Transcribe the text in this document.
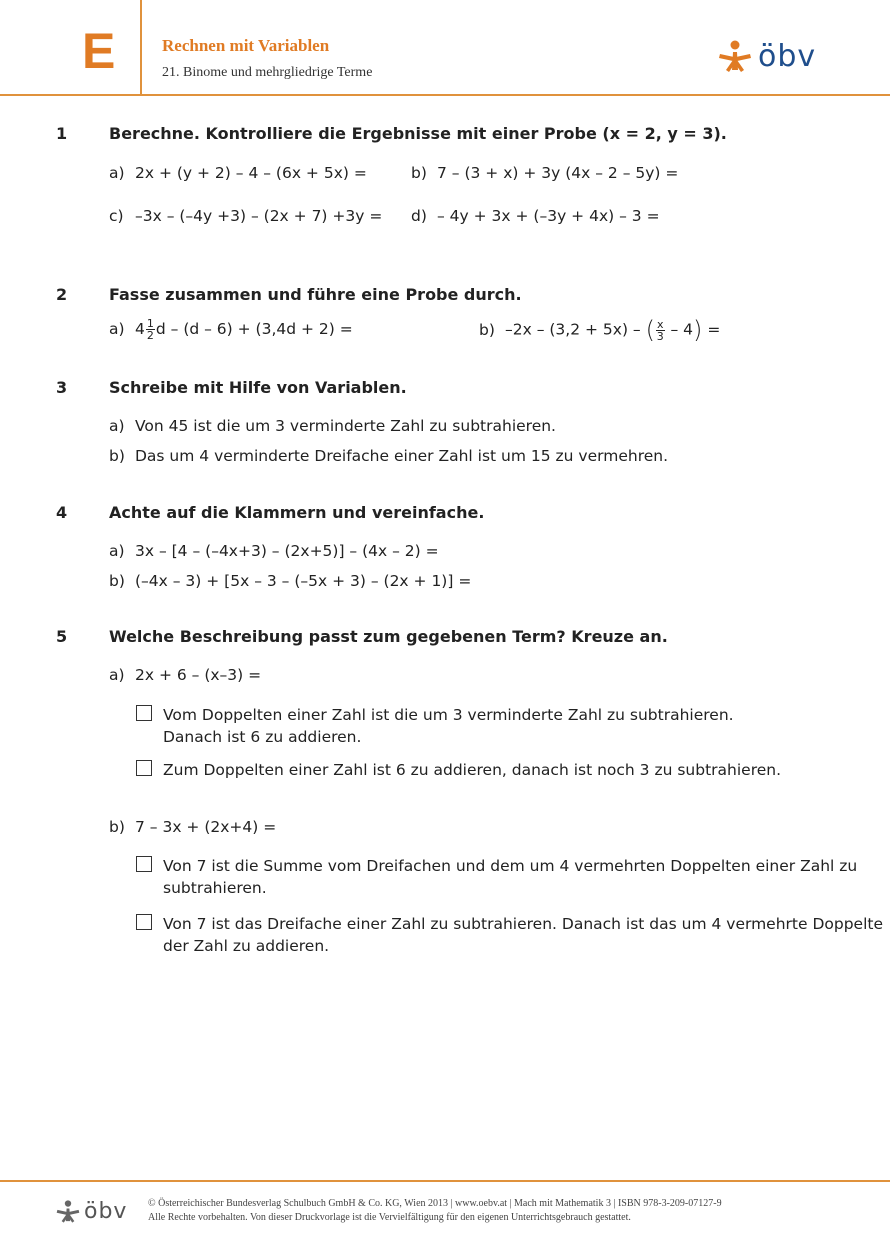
E	Rechnen mit Variablen
21. Binome und mehrgliedrige Terme	öbv
1	Berechne. Kontrolliere die Ergebnisse mit einer Probe (x = 2, y = 3).
a) 2x + (y + 2) – 4 – (6x + 5x) =	b) 7 – (3 + x) + 3y (4x – 2 – 5y) =
c) –3x – (–4y +3) – (2x + 7) +3y = d) – 4y + 3x + (–3y + 4x) – 3 =
2	Fasse zusammen und führe eine Probe durch.
a) $4 \frac{1}{2}$ d – (d – 6) + (3,4d + 2) =	b) –2x – (3,2 + 5x) – ( $\frac{x}{3} - 4$) =
3	Schreibe mit Hilfe von Variablen.
a) Von 45 ist die um 3 verminderte Zahl zu subtrahieren.
b) Das um 4 verminderte Dreifache einer Zahl ist um 15 zu vermehren.
4	Achte auf die Klammern und vereinfache.
a) 3x – [4 – (–4x+3) – (2x+5)] – (4x – 2) =
b) (–4x – 3) + [5x – 3 – (–5x + 3) – (2x + 1)] =
5	Welche Beschreibung passt zum gegebenen Term? Kreuze an.
a) 2x + 6 – (x–3) =
Vom Doppelten einer Zahl ist die um 3 verminderte Zahl zu subtrahieren.
Danach ist 6 zu addieren.
Zum Doppelten einer Zahl ist 6 zu addieren, danach ist noch 3 zu subtrahieren.
b) 7 – 3x + (2x+4) =
Von 7 ist die Summe vom Dreifachen und dem um 4 vermehrten Doppelten einer Zahl zu
subtrahieren.
Von 7 ist das Dreifache einer Zahl zu subtrahieren. Danach ist das um 4 vermehrte Doppelte
der Zahl zu addieren.
öbv © Österreichischer Bundesverlag Schulbuch GmbH & Co. KG, Wien 2013 | www.oebv.at | Mach mit Mathematik 3 | ISBN 978-3-209-07127-9
Alle Rechte vorbehalten. Von dieser Druckvorlage ist die Vervielfältigung für den eigenen Unterrichtsgebrauch gestattet.
